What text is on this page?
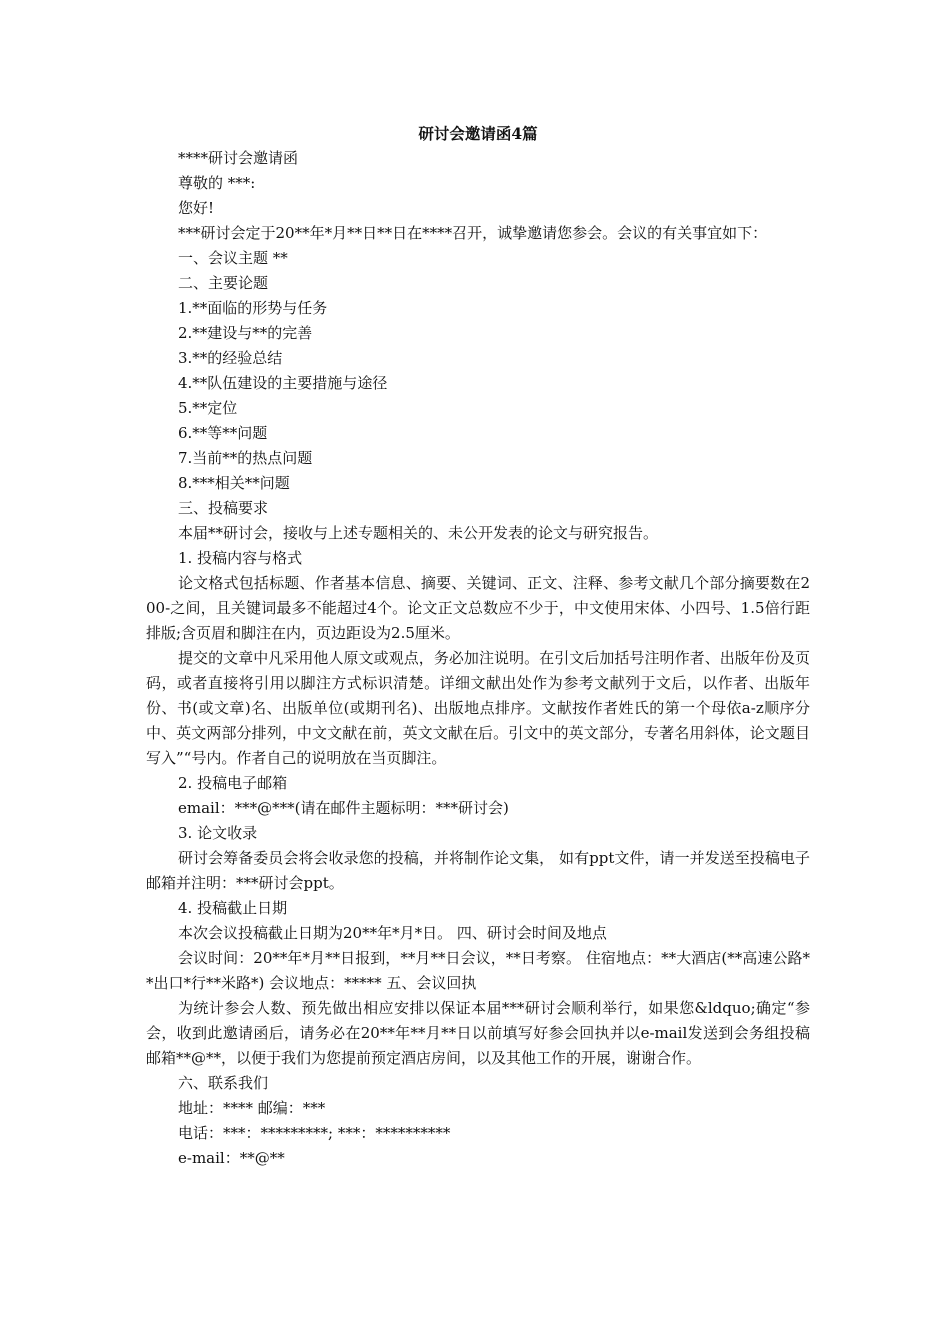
研讨会邀请函4篇

****研讨会邀请函

尊敬的 ***:

您好!

***研讨会定于20**年*月**日**日在****召开，诚挚邀请您参会。会议的有关事宜如下：

一、会议主题 **

二、主要论题

1.**面临的形势与任务

2.**建设与**的完善

3.**的经验总结

4.**队伍建设的主要措施与途径

5.**定位

6.**等**问题

7.当前**的热点问题

8.***相关**问题

三、投稿要求

本届**研讨会，接收与上述专题相关的、未公开发表的论文与研究报告。

1. 投稿内容与格式

论文格式包括标题、作者基本信息、摘要、关键词、正文、注释、参考文献几个部分摘要数在200-之间，且关键词最多不能超过4个。论文正文总数应不少于，中文使用宋体、小四号、1.5倍行距排版;含页眉和脚注在内，页边距设为2.5厘米。

提交的文章中凡采用他人原文或观点，务必加注说明。在引文后加括号注明作者、出版年份及页码，或者直接将引用以脚注方式标识清楚。详细文献出处作为参考文献列于文后，以作者、出版年份、书(或文章)名、出版单位(或期刊名)、出版地点排序。文献按作者姓氏的第一个母依a-z顺序分中、英文两部分排列，中文文献在前，英文文献在后。引文中的英文部分，专著名用斜体，论文题目写入”“号内。作者自己的说明放在当页脚注。

2. 投稿电子邮箱

email：***@***(请在邮件主题标明：***研讨会)

3. 论文收录

研讨会筹备委员会将会收录您的投稿，并将制作论文集， 如有ppt文件，请一并发送至投稿电子邮箱并注明：***研讨会ppt。

4. 投稿截止日期

本次会议投稿截止日期为20**年*月*日。 四、研讨会时间及地点

会议时间：20**年*月**日报到，**月**日会议，**日考察。 住宿地点：**大酒店(**高速公路**出口*行**米路*) 会议地点：***** 五、会议回执

为统计参会人数、预先做出相应安排以保证本届***研讨会顺利举行，如果您&ldquo;确定“参会，收到此邀请函后，请务必在20**年**月**日以前填写好参会回执并以e-mail发送到会务组投稿邮箱**@**，以便于我们为您提前预定酒店房间，以及其他工作的开展，谢谢合作。

六、联系我们

地址：**** 邮编：***

电话：***：*********; ***：**********

e-mail：**@**
